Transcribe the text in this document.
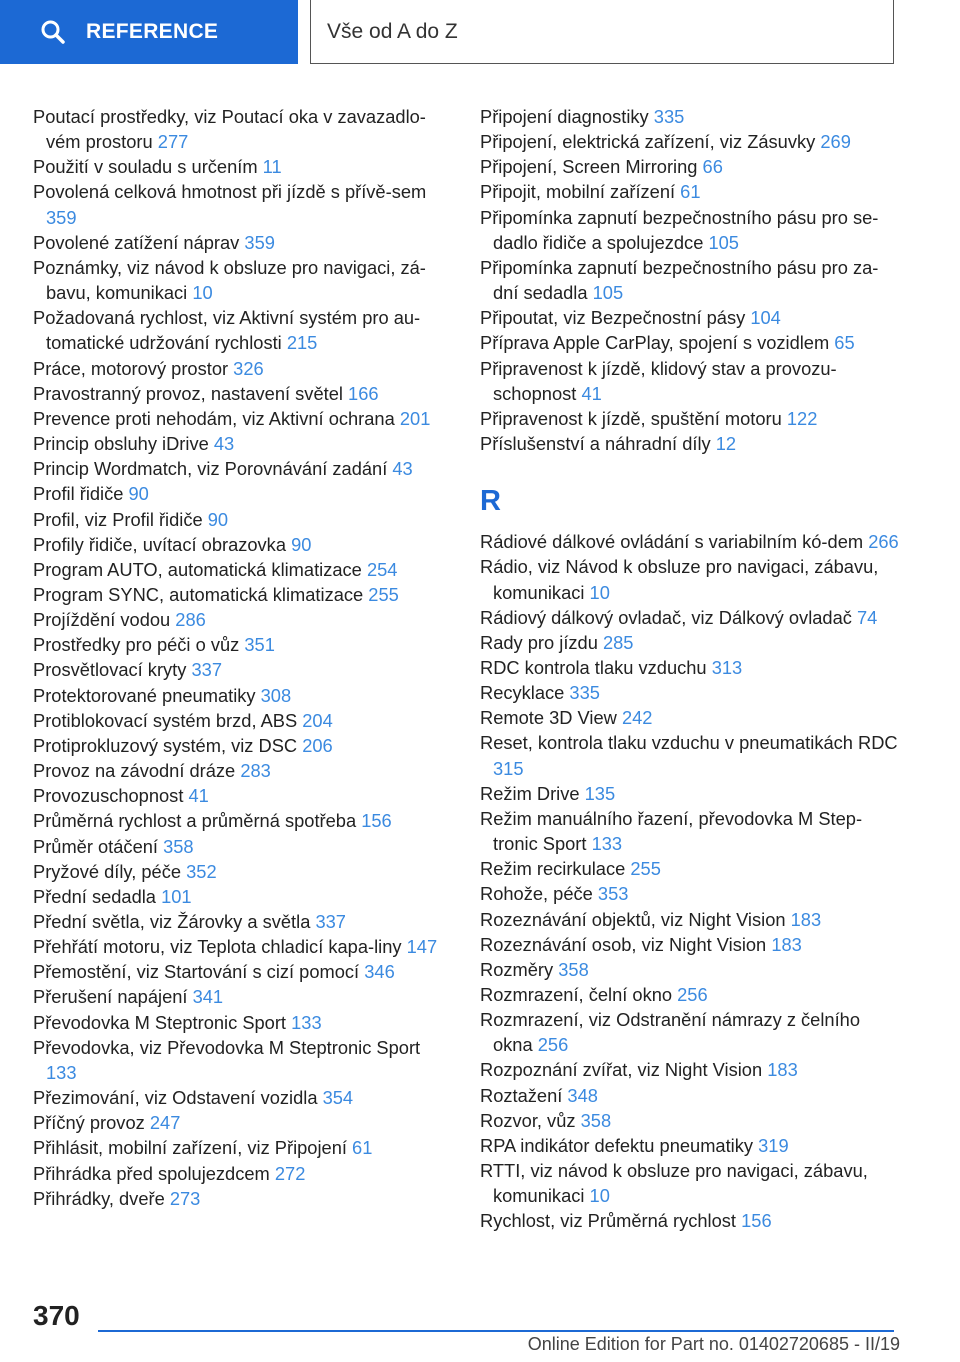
REFERENCE	Vše od A do Z

Poutací prostředky, viz Poutací oka v zavazadlo-vém prostoru 277

Použití v souladu s určením 11

Povolená celková hmotnost při jízdě s přívě-sem 359

Povolené zatížení náprav 359

Poznámky, viz návod k obsluze pro navigaci, zá-bavu, komunikaci 10

Požadovaná rychlost, viz Aktivní systém pro au-tomatické udržování rychlosti 215

Práce, motorový prostor 326

Pravostranný provoz, nastavení světel 166

Prevence proti nehodám, viz Aktivní ochrana 201

Princip obsluhy iDrive 43

Princip Wordmatch, viz Porovnávání zadání 43

Profil řidiče 90

Profil, viz Profil řidiče 90

Profily řidiče, uvítací obrazovka 90

Program AUTO, automatická klimatizace 254

Program SYNC, automatická klimatizace 255

Projíždění vodou 286

Prostředky pro péči o vůz 351

Prosvětlovací kryty 337

Protektorované pneumatiky 308

Protiblokovací systém brzd, ABS 204

Protiprokluzový systém, viz DSC 206

Provoz na závodní dráze 283

Provozuschopnost 41

Průměrná rychlost a průměrná spotřeba 156

Průměr otáčení 358

Pryžové díly, péče 352

Přední sedadla 101

Přední světla, viz Žárovky a světla 337

Přehřátí motoru, viz Teplota chladicí kapa-liny 147

Přemostění, viz Startování s cizí pomocí 346

Přerušení napájení 341

Převodovka M Steptronic Sport 133

Převodovka, viz Převodovka M Steptronic Sport 133

Přezimování, viz Odstavení vozidla 354

Příčný provoz 247

Přihlásit, mobilní zařízení, viz Připojení 61

Přihrádka před spolujezdcem 272

Přihrádky, dveře 273

Připojení diagnostiky 335

Připojení, elektrická zařízení, viz Zásuvky 269

Připojení, Screen Mirroring 66

Připojit, mobilní zařízení 61

Připomínka zapnutí bezpečnostního pásu pro se-dadlo řidiče a spolujezdce 105

Připomínka zapnutí bezpečnostního pásu pro za-dní sedadla 105

Připoutat, viz Bezpečnostní pásy 104

Příprava Apple CarPlay, spojení s vozidlem 65

Připravenost k jízdě, klidový stav a provozu-schopnost 41

Připravenost k jízdě, spuštění motoru 122

Příslušenství a náhradní díly 12

R

Rádiové dálkové ovládání s variabilním kó-dem 266

Rádio, viz Návod k obsluze pro navigaci, zábavu, komunikaci 10

Rádiový dálkový ovladač, viz Dálkový ovladač 74

Rady pro jízdu 285

RDC kontrola tlaku vzduchu 313

Recyklace 335

Remote 3D View 242

Reset, kontrola tlaku vzduchu v pneumatikách RDC 315

Režim Drive 135

Režim manuálního řazení, převodovka M Step-tronic Sport 133

Režim recirkulace 255

Rohože, péče 353

Rozeznávání objektů, viz Night Vision 183

Rozeznávání osob, viz Night Vision 183

Rozměry 358

Rozmrazení, čelní okno 256

Rozmrazení, viz Odstranění námrazy z čelního okna 256

Rozpoznání zvířat, viz Night Vision 183

Roztažení 348

Rozvor, vůz 358

RPA indikátor defektu pneumatiky 319

RTTI, viz návod k obsluze pro navigaci, zábavu, komunikaci 10

Rychlost, viz Průměrná rychlost 156

370
Online Edition for Part no. 01402720685 - II/19
